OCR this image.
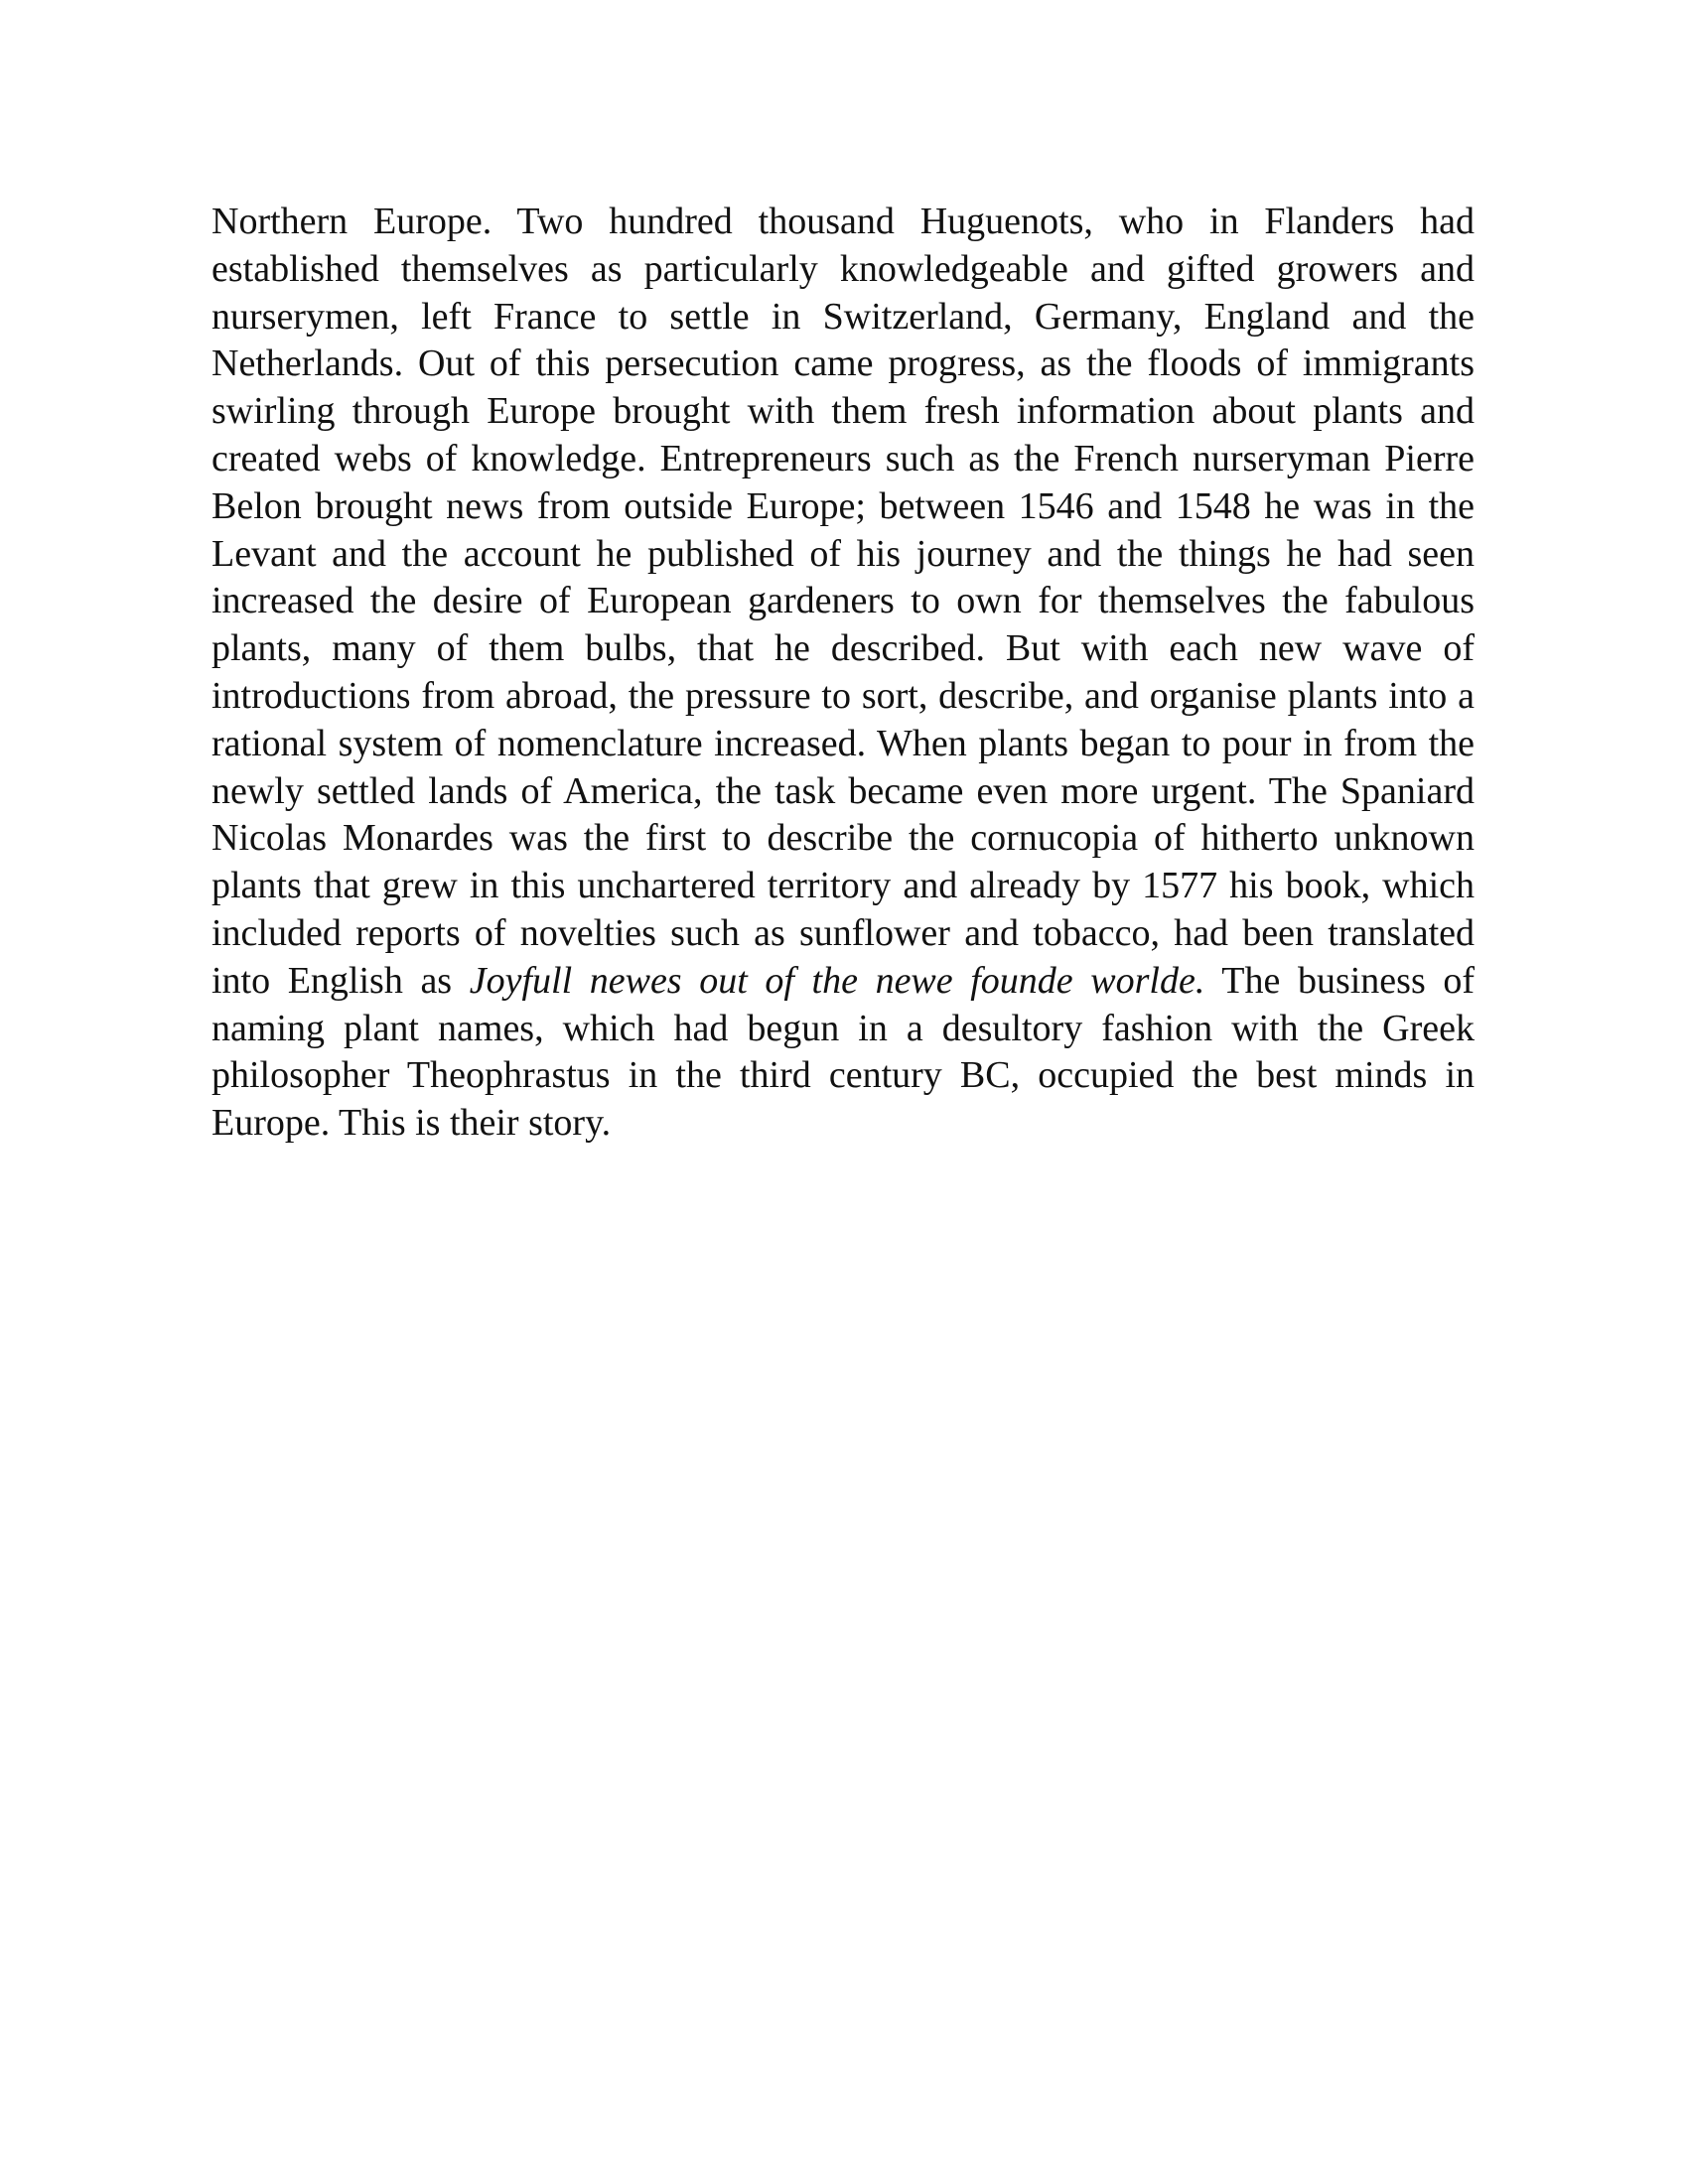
Northern Europe. Two hundred thousand Huguenots, who in Flanders had established themselves as particularly knowledgeable and gifted growers and nurserymen, left France to settle in Switzerland, Germany, England and the Netherlands. Out of this persecution came progress, as the floods of immigrants swirling through Europe brought with them fresh information about plants and created webs of knowledge. Entrepreneurs such as the French nurseryman Pierre Belon brought news from outside Europe; between 1546 and 1548 he was in the Levant and the account he published of his journey and the things he had seen increased the desire of European gardeners to own for themselves the fabulous plants, many of them bulbs, that he described. But with each new wave of introductions from abroad, the pressure to sort, describe, and organise plants into a rational system of nomenclature increased. When plants began to pour in from the newly settled lands of America, the task became even more urgent. The Spaniard Nicolas Monardes was the first to describe the cornucopia of hitherto unknown plants that grew in this unchartered territory and already by 1577 his book, which included reports of novelties such as sunflower and tobacco, had been translated into English as Joyfull newes out of the newe founde worlde. The business of naming plant names, which had begun in a desultory fashion with the Greek philosopher Theophrastus in the third century BC, occupied the best minds in Europe. This is their story.
